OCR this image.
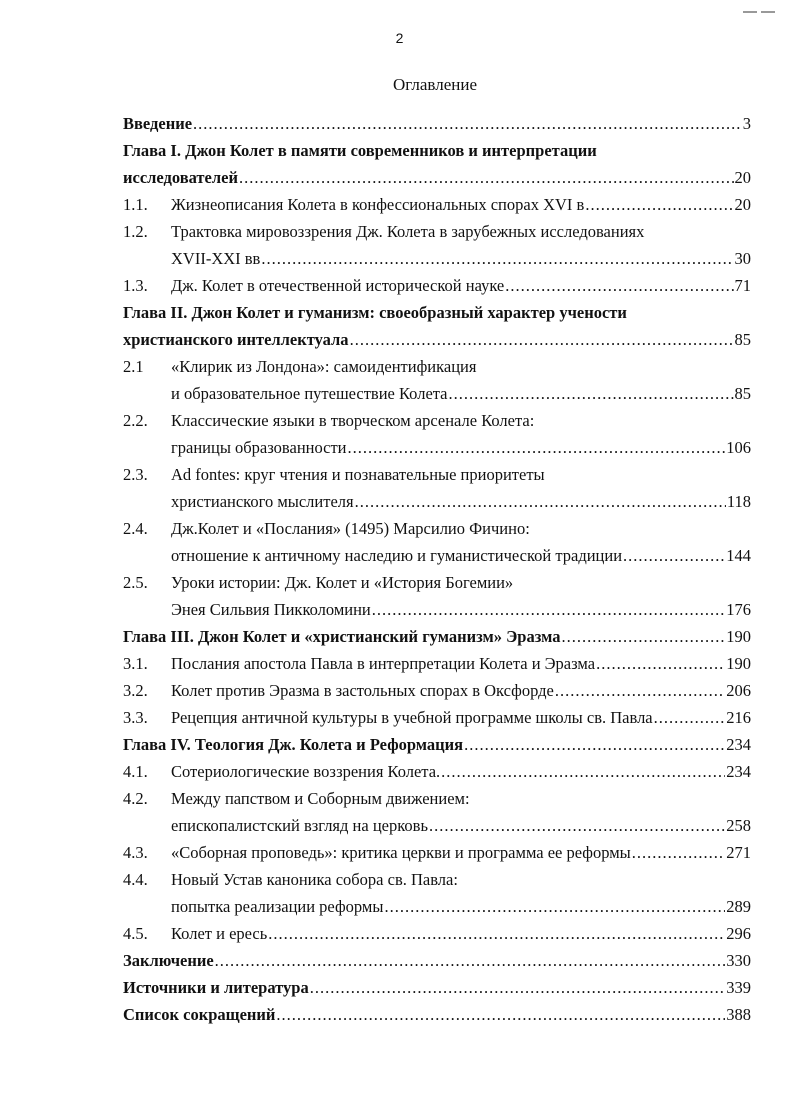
2
Оглавление
Введение .....	3
Глава I. Джон Колет в памяти современников и интерпретации
исследователей .....	20
1.1. Жизнеописания Колета в конфессиональных спорах XVI в .....	20
1.2. Трактовка мировоззрения Дж. Колета в зарубежных исследованиях
XVII-XXI вв .....	30
1.3. Дж. Колет в отечественной исторической науке .....	71
Глава II. Джон Колет и гуманизм: своеобразный характер учености
христианского интеллектуала .....	85
2.1 «Клирик из Лондона»: самоидентификация
и образовательное путешествие Колета .....	85
2.2. Классические языки в творческом арсенале Колета:
границы образованности .....	106
2.3. Ad fontes: круг чтения и познавательные приоритеты
христианского мыслителя .....	118
2.4. Дж.Колет и «Послания» (1495) Марсилио Фичино:
отношение к античному наследию и гуманистической традиции .....	144
2.5. Уроки истории: Дж. Колет и «История Богемии»
Энея Сильвия Пикколомини .....	176
Глава III. Джон Колет и «христианский гуманизм» Эразма .....	190
3.1. Послания апостола Павла в интерпретации Колета и Эразма .....	190
3.2. Колет против Эразма в застольных спорах в Оксфорде .....	206
3.3. Рецепция античной культуры в учебной программе школы св. Павла .....	216
Глава IV. Теология Дж. Колета и Реформация .....	234
4.1. Сотериологические воззрения Колета. .....	234
4.2. Между папством и Соборным движением:
епископалистский взгляд на церковь .....	258
4.3. «Соборная проповедь»: критика церкви и программа ее реформы .....	271
4.4. Новый Устав каноника собора св. Павла:
попытка реализации реформы .....	289
4.5. Колет и ересь .....	296
Заключение .....	330
Источники и литература .....	339
Список сокращений .....	388
